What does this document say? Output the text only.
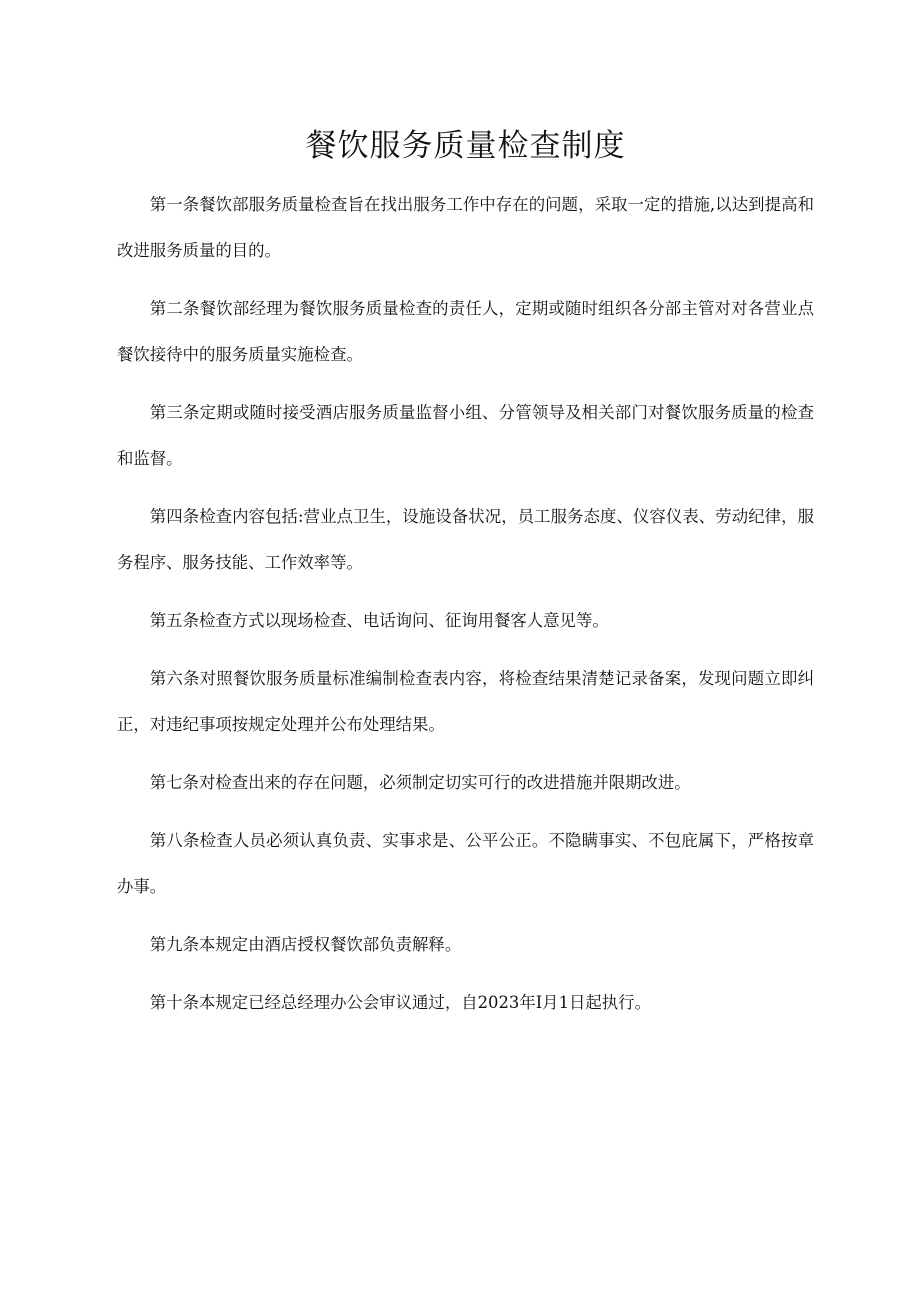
餐饮服务质量检查制度

第一条餐饮部服务质量检查旨在找出服务工作中存在的问题，采取一定的措施,以达到提高和改进服务质量的目的。

第二条餐饮部经理为餐饮服务质量检查的责任人，定期或随时组织各分部主管对对各营业点餐饮接待中的服务质量实施检查。

第三条定期或随时接受酒店服务质量监督小组、分管领导及相关部门对餐饮服务质量的检查和监督。

第四条检查内容包括:营业点卫生，设施设备状况，员工服务态度、仪容仪表、劳动纪律，服务程序、服务技能、工作效率等。

第五条检查方式以现场检查、电话询问、征询用餐客人意见等。

第六条对照餐饮服务质量标准编制检查表内容，将检查结果清楚记录备案，发现问题立即纠正，对违纪事项按规定处理并公布处理结果。

第七条对检查出来的存在问题，必须制定切实可行的改进措施并限期改进。

第八条检查人员必须认真负责、实事求是、公平公正。不隐瞒事实、不包庇属下，严格按章办事。

第九条本规定由酒店授权餐饮部负责解释。

第十条本规定已经总经理办公会审议通过，自2023年I月1日起执行。
